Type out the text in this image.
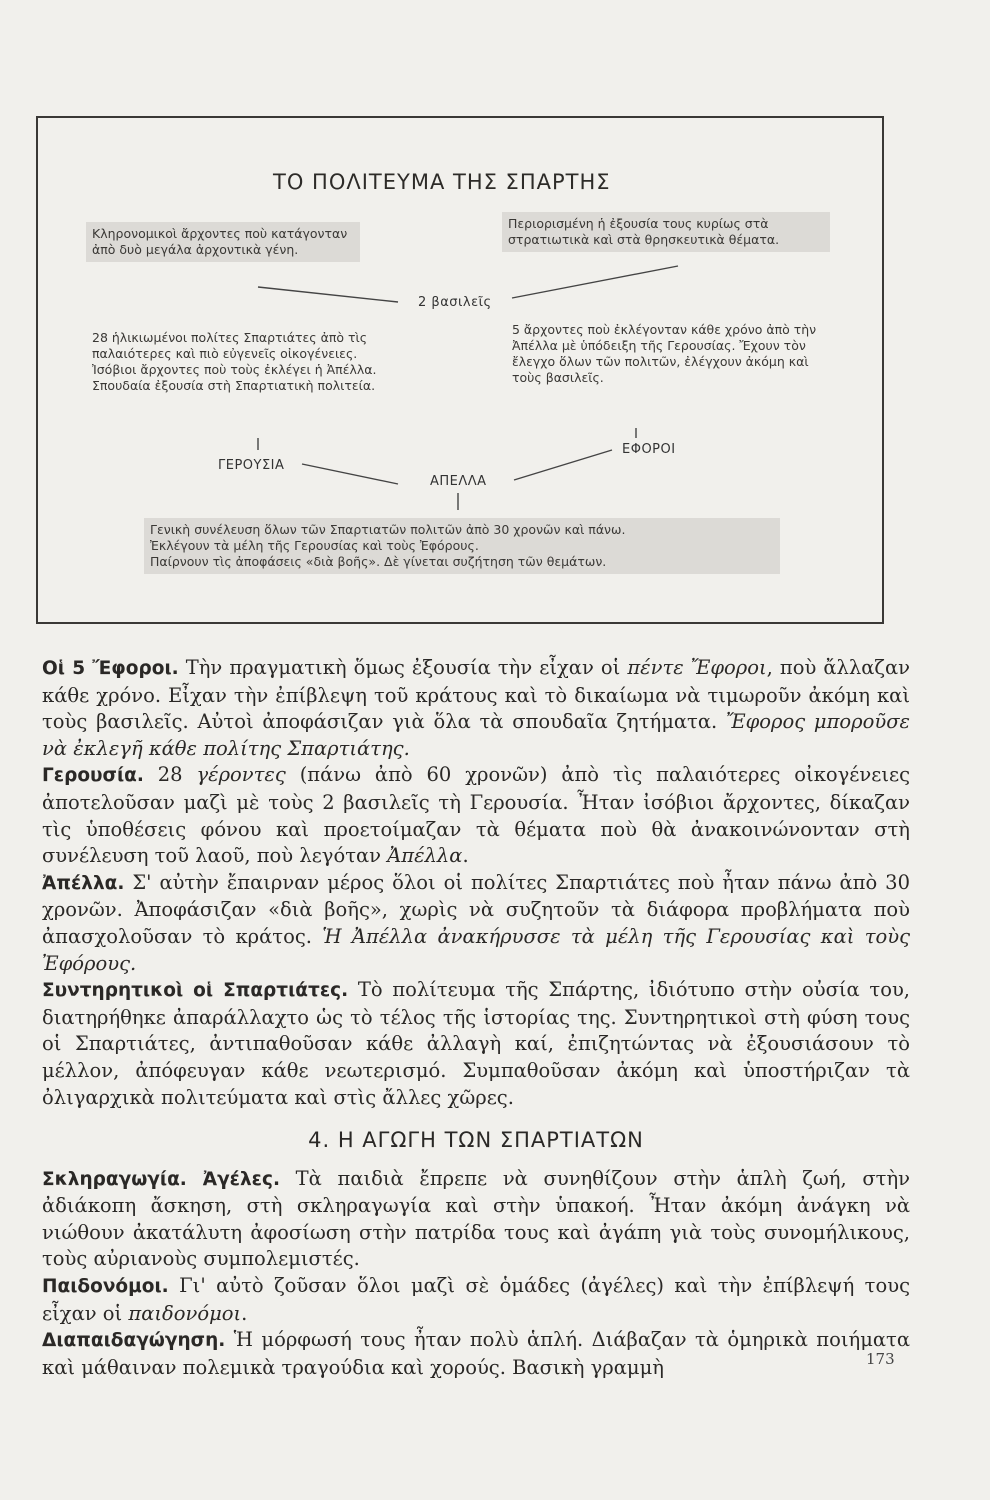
ΤΟ ΠΟΛΙΤΕΥΜΑ ΤΗΣ ΣΠΑΡΤΗΣ
Κληρονομικοὶ ἄρχοντες ποὺ κατάγονταν ἀπὸ δυὸ μεγάλα ἀρχοντικὰ γένη.
Περιορισμένη ἡ ἐξουσία τους κυρίως στὰ στρατιωτικὰ καὶ στὰ θρησκευτικὰ θέματα.
2 βασιλεῖς
28 ἡλικιωμένοι πολίτες Σπαρτιάτες ἀπὸ τὶς παλαιότερες καὶ πιὸ εὐγενεῖς οἰκογένειες. Ἰσόβιοι ἄρχοντες ποὺ τοὺς ἐκλέγει ἡ Ἀπέλλα. Σπουδαία ἐξουσία στὴ Σπαρτιατικὴ πολιτεία.
5 ἄρχοντες ποὺ ἐκλέγονταν κάθε χρόνο ἀπὸ τὴν Ἀπέλλα μὲ ὑπόδειξη τῆς Γερουσίας. Ἔχουν τὸν ἔλεγχο ὅλων τῶν πολιτῶν, ἐλέγχουν ἀκόμη καὶ τοὺς βασιλεῖς.
ΓΕΡΟΥΣΙΑ
ΕΦΟΡΟΙ
ΑΠΕΛΛΑ
Γενικὴ συνέλευση ὅλων τῶν Σπαρτιατῶν πολιτῶν ἀπὸ 30 χρονῶν καὶ πάνω.
Ἐκλέγουν τὰ μέλη τῆς Γερουσίας καὶ τοὺς Ἐφόρους.
Παίρνουν τὶς ἀποφάσεις «διὰ βοῆς». Δὲ γίνεται συζήτηση τῶν θεμάτων.

Οἱ 5 Ἔφοροι. Τὴν πραγματικὴ ὅμως ἐξουσία τὴν εἶχαν οἱ πέντε Ἔφοροι, ποὺ ἄλλαζαν κάθε χρόνο. Εἶχαν τὴν ἐπίβλεψη τοῦ κράτους καὶ τὸ δικαίωμα νὰ τιμωροῦν ἀκόμη καὶ τοὺς βασιλεῖς. Αὐτοὶ ἀποφάσιζαν γιὰ ὅλα τὰ σπουδαῖα ζητήματα. Ἔφορος μποροῦσε νὰ ἐκλεγῆ κάθε πολίτης Σπαρτιάτης.

Γερουσία. 28 γέροντες (πάνω ἀπὸ 60 χρονῶν) ἀπὸ τὶς παλαιότερες οἰκογένειες ἀποτελοῦσαν μαζὶ μὲ τοὺς 2 βασιλεῖς τὴ Γερουσία. Ἦταν ἰσόβιοι ἄρχοντες, δίκαζαν τὶς ὑποθέσεις φόνου καὶ προετοίμαζαν τὰ θέματα ποὺ θὰ ἀνακοινώνονταν στὴ συνέλευση τοῦ λαοῦ, ποὺ λεγόταν Ἀπέλλα.

Ἀπέλλα. Σ' αὐτὴν ἔπαιρναν μέρος ὅλοι οἱ πολίτες Σπαρτιάτες ποὺ ἦταν πάνω ἀπὸ 30 χρονῶν. Ἀποφάσιζαν «διὰ βοῆς», χωρὶς νὰ συζητοῦν τὰ διάφορα προβλήματα ποὺ ἀπασχολοῦσαν τὸ κράτος. Ἡ Ἀπέλλα ἀνακήρυσσε τὰ μέλη τῆς Γερουσίας καὶ τοὺς Ἐφόρους.

Συντηρητικοὶ οἱ Σπαρτιάτες. Τὸ πολίτευμα τῆς Σπάρτης, ἰδιότυπο στὴν οὐσία του, διατηρήθηκε ἀπαράλλαχτο ὡς τὸ τέλος τῆς ἱστορίας της. Συντηρητικοὶ στὴ φύση τους οἱ Σπαρτιάτες, ἀντιπαθοῦσαν κάθε ἀλλαγὴ καί, ἐπιζητώντας νὰ ἐξουσιάσουν τὸ μέλλον, ἀπόφευγαν κάθε νεωτερισμό. Συμπαθοῦσαν ἀκόμη καὶ ὑποστήριζαν τὰ ὀλιγαρχικὰ πολιτεύματα καὶ στὶς ἄλλες χῶρες.

4. Η ΑΓΩΓΗ ΤΩΝ ΣΠΑΡΤΙΑΤΩΝ

Σκληραγωγία. Ἀγέλες. Τὰ παιδιὰ ἔπρεπε νὰ συνηθίζουν στὴν ἁπλὴ ζωή, στὴν ἀδιάκοπη ἄσκηση, στὴ σκληραγωγία καὶ στὴν ὑπακοή. Ἦταν ἀκόμη ἀνάγκη νὰ νιώθουν ἀκατάλυτη ἀφοσίωση στὴν πατρίδα τους καὶ ἀγάπη γιὰ τοὺς συνομήλικους, τοὺς αὐριανοὺς συμπολεμιστές.

Παιδονόμοι. Γι' αὐτὸ ζοῦσαν ὅλοι μαζὶ σὲ ὁμάδες (ἀγέλες) καὶ τὴν ἐπίβλεψή τους εἶχαν οἱ παιδονόμοι.

Διαπαιδαγώγηση. Ἡ μόρφωσή τους ἦταν πολὺ ἁπλή. Διάβαζαν τὰ ὁμηρικὰ ποιήματα καὶ μάθαιναν πολεμικὰ τραγούδια καὶ χορούς. Βασικὴ γραμμὴ	173
